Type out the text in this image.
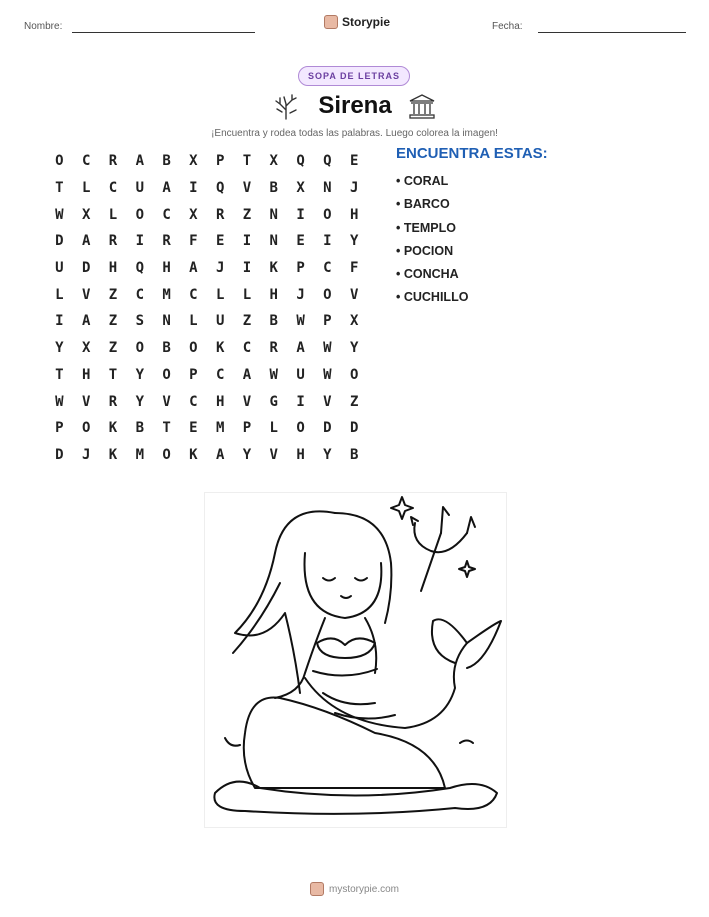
Nombre:	Storypie	Fecha:
SOPA DE LETRAS
Sirena
¡Encuentra y rodea todas las palabras. Luego colorea la imagen!
O	C	R	A	B	X	P	T	X	Q	Q	E
T	L	C	U	A	I	Q	V	B	X	N	J
W	X	L	O	C	X	R	Z	N	I	O	H
D	A	R	I	R	F	E	I	N	E	I	Y
U	D	H	Q	H	A	J	I	K	P	C	F
L	V	Z	C	M	C	L	L	H	J	O	V
I	A	Z	S	N	L	U	Z	B	W	P	X
Y	X	Z	O	B	O	K	C	R	A	W	Y
T	H	T	Y	O	P	C	A	W	U	W	O
W	V	R	Y	V	C	H	V	G	I	V	Z
P	O	K	B	T	E	M	P	L	O	D	D
D	J	K	M	O	K	A	Y	V	H	Y	B
ENCUENTRA ESTAS:
• CORAL
• BARCO
• TEMPLO
• POCION
• CONCHA
• CUCHILLO
mystorypie.com
